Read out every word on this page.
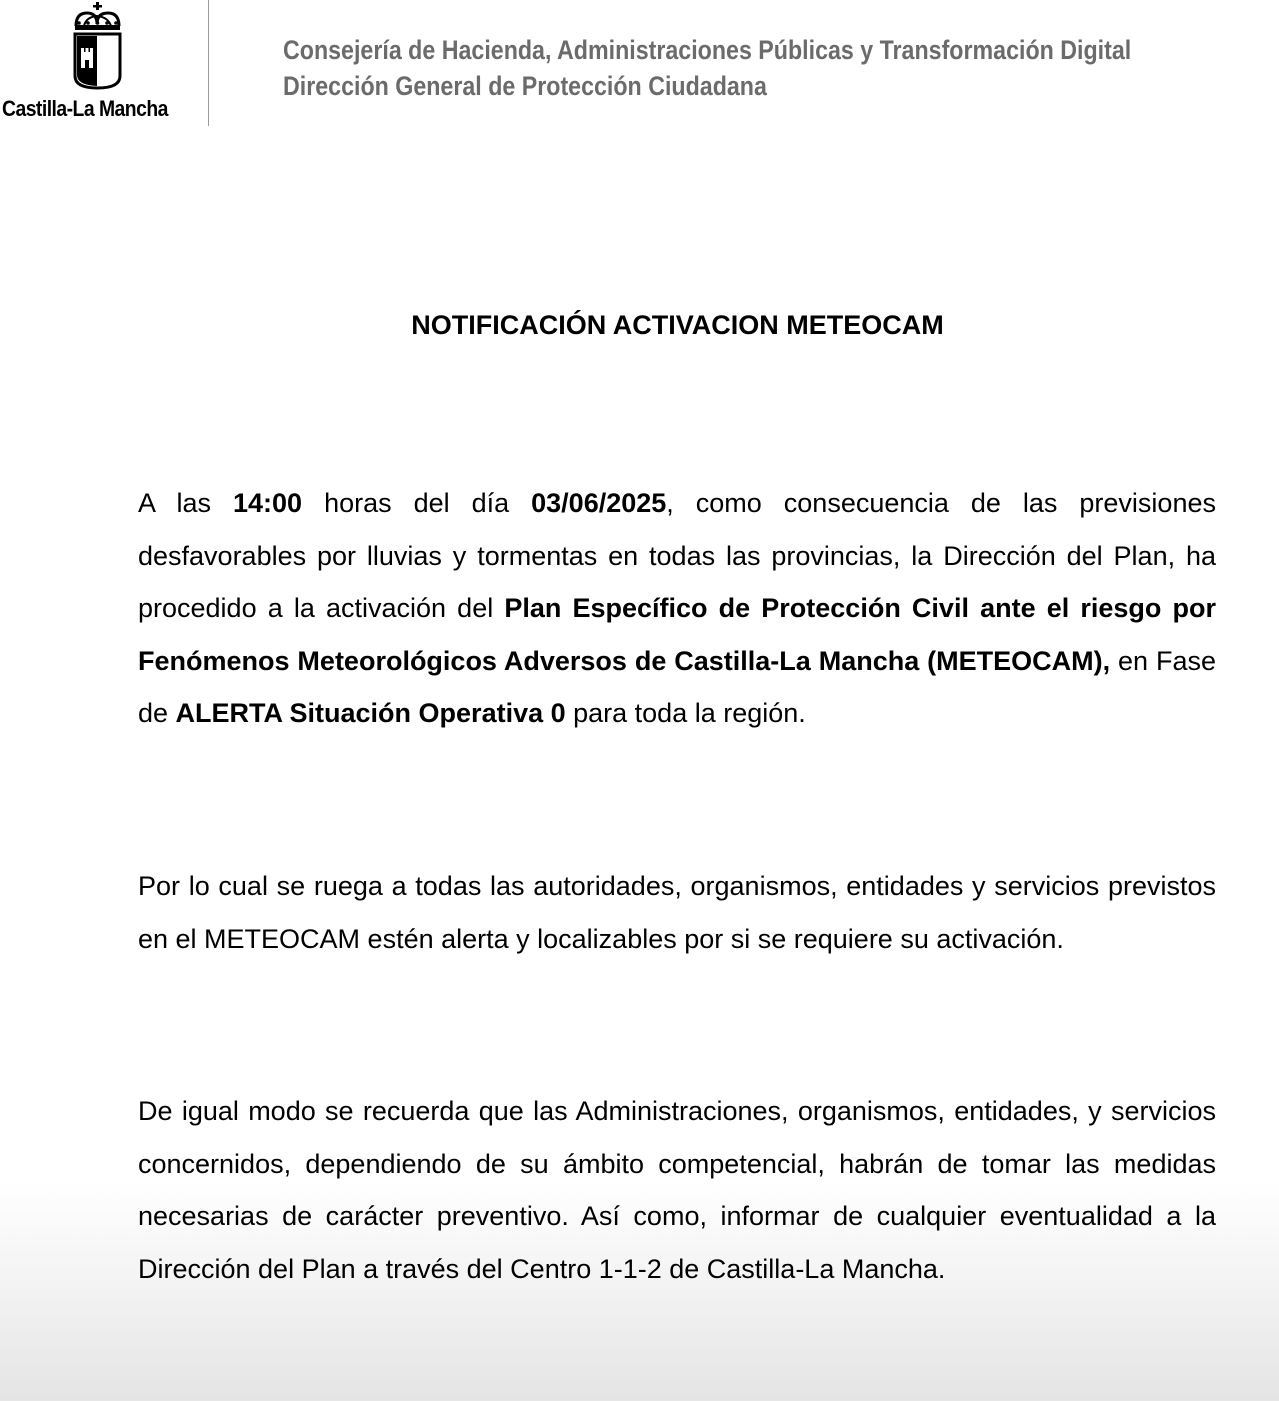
Castilla-La Mancha
Consejería de Hacienda, Administraciones Públicas y Transformación Digital
Dirección General de Protección Ciudadana
NOTIFICACIÓN ACTIVACION METEOCAM

A las 14:00 horas del día 03/06/2025, como consecuencia de las previsiones desfavorables por lluvias y tormentas en todas las provincias, la Dirección del Plan, ha procedido a la activación del Plan Específico de Protección Civil ante el riesgo por Fenómenos Meteorológicos Adversos de Castilla-La Mancha (METEOCAM), en Fase de ALERTA Situación Operativa 0 para toda la región.

Por lo cual se ruega a todas las autoridades, organismos, entidades y servicios previstos en el METEOCAM estén alerta y localizables por si se requiere su activación.

De igual modo se recuerda que las Administraciones, organismos, entidades, y servicios concernidos, dependiendo de su ámbito competencial, habrán de tomar las medidas necesarias de carácter preventivo. Así como, informar de cualquier eventualidad a la Dirección del Plan a través del Centro 1-1-2 de Castilla-La Mancha.
